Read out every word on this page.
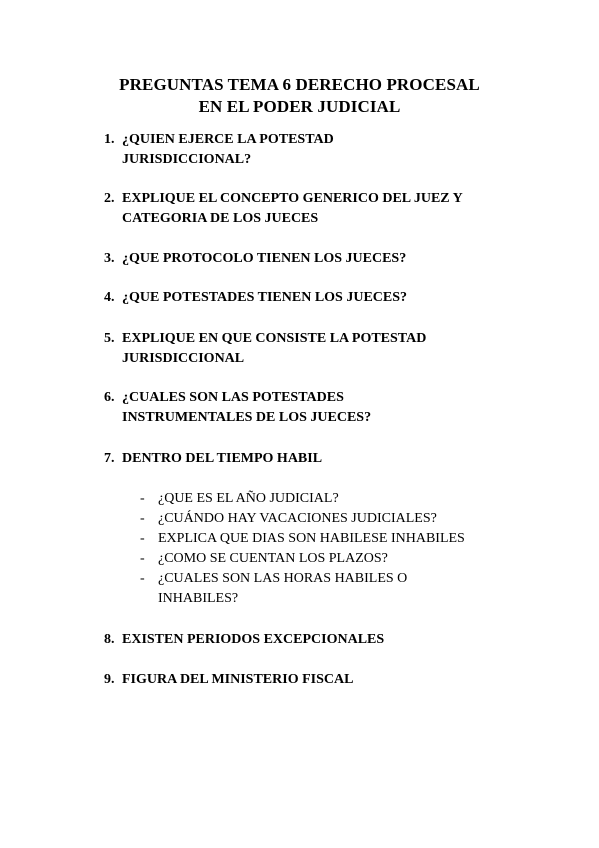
PREGUNTAS TEMA 6 DERECHO PROCESAL
EN EL PODER JUDICIAL
1. ¿QUIEN EJERCE LA POTESTAD
JURISDICCIONAL?
2. EXPLIQUE EL CONCEPTO GENERICO DEL JUEZ Y
CATEGORIA DE LOS JUECES
3. ¿QUE PROTOCOLO TIENEN LOS JUECES?
4. ¿QUE POTESTADES TIENEN LOS JUECES?
5. EXPLIQUE EN QUE CONSISTE LA POTESTAD
JURISDICCIONAL
6. ¿CUALES SON LAS POTESTADES
INSTRUMENTALES DE LOS JUECES?
7. DENTRO DEL TIEMPO HABIL
- ¿QUE ES EL AÑO JUDICIAL?
- ¿CUÁNDO HAY VACACIONES JUDICIALES?
- EXPLICA QUE DIAS SON HABILESE INHABILES
- ¿COMO SE CUENTAN LOS PLAZOS?
- ¿CUALES SON LAS HORAS HABILES O
INHABILES?
8. EXISTEN PERIODOS EXCEPCIONALES
9. FIGURA DEL MINISTERIO FISCAL
